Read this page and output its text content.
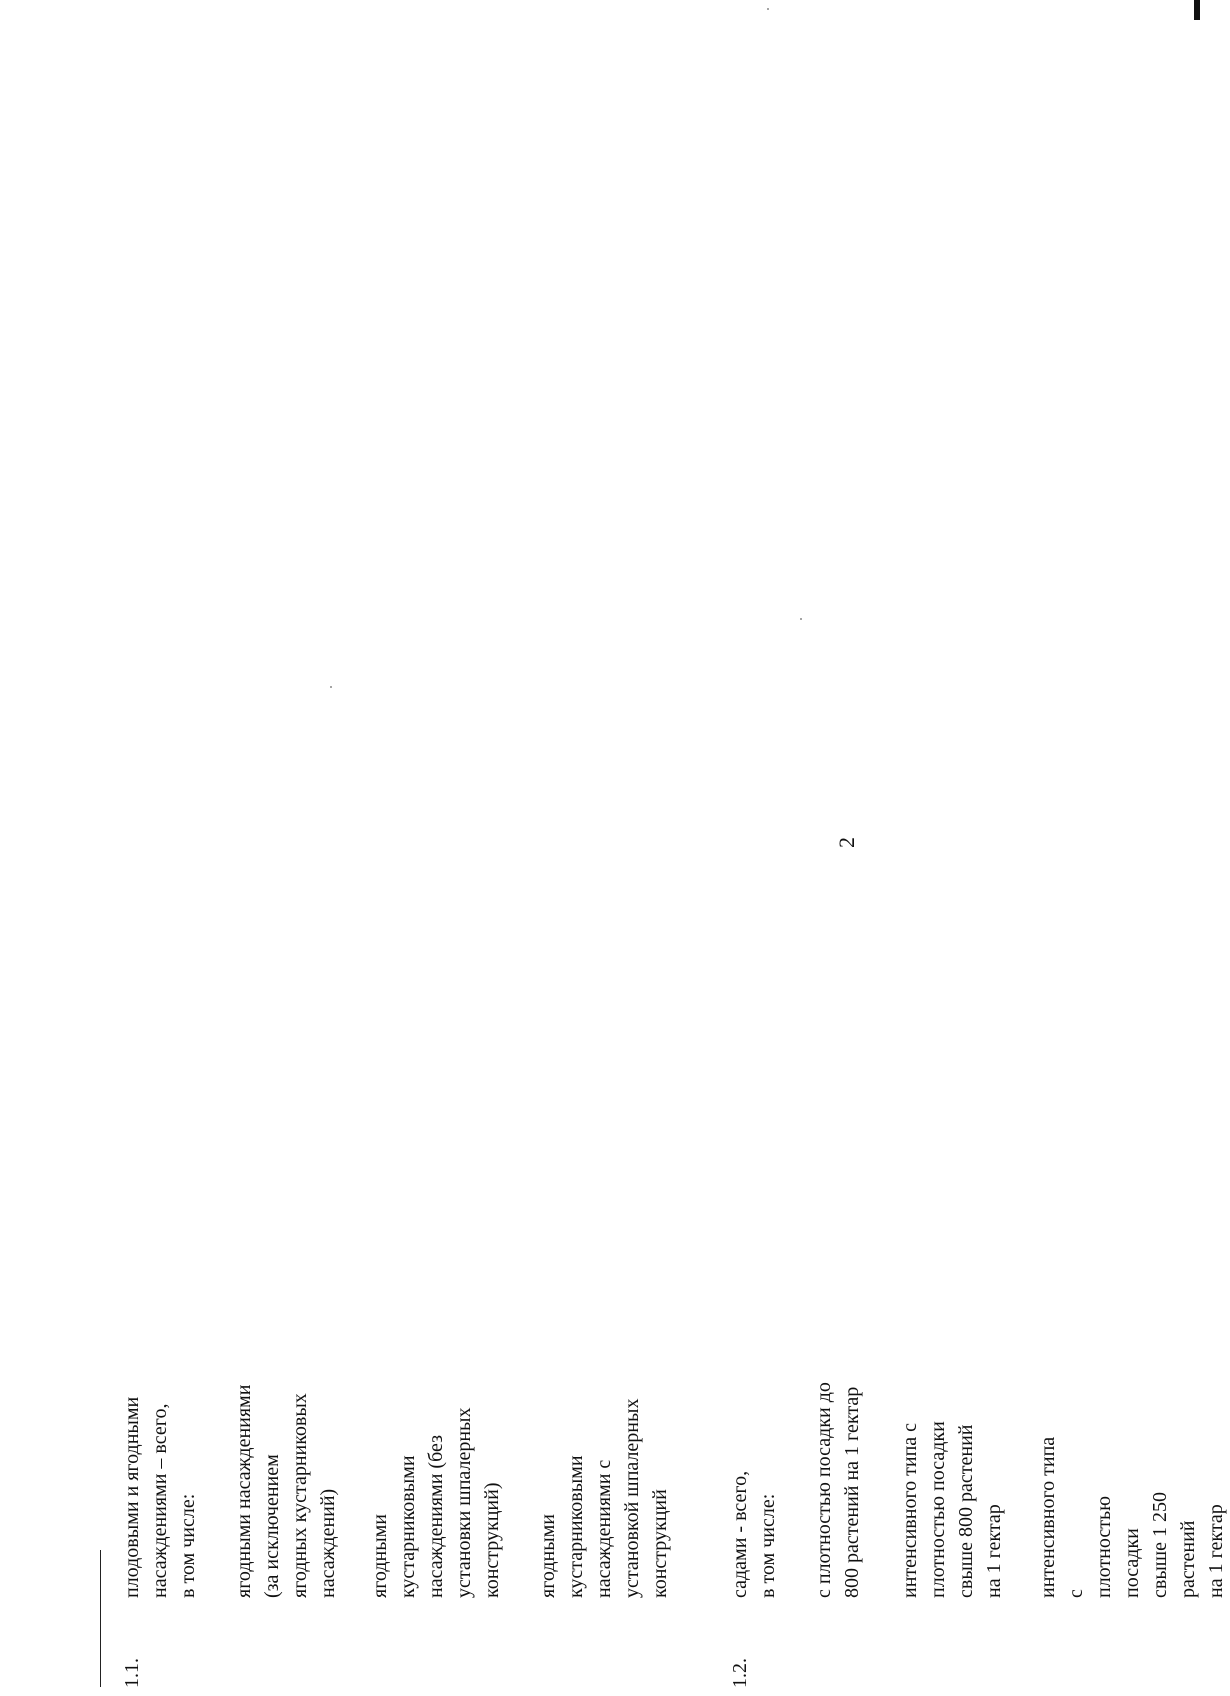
2
1.1.
плодовыми и ягодными
насаждениями – всего,
в том числе: ягодными насаждениями
(за исключением
ягодных кустарниковых
насаждений) ягодными
кустарниковыми
насаждениями (без
установки шпалерных
конструкций) ягодными
кустарниковыми
насаждениями с
установкой шпалерных
конструкций
1.2.
садами - всего,
в том числе:
с плотностью посадки до
800 растений на 1 гектар
интенсивного типа с
плотностью посадки
свыше 800 растений
на 1 гектар интенсивного типа с
плотностью посадки
свыше 1 250 растений
на 1 гектар
